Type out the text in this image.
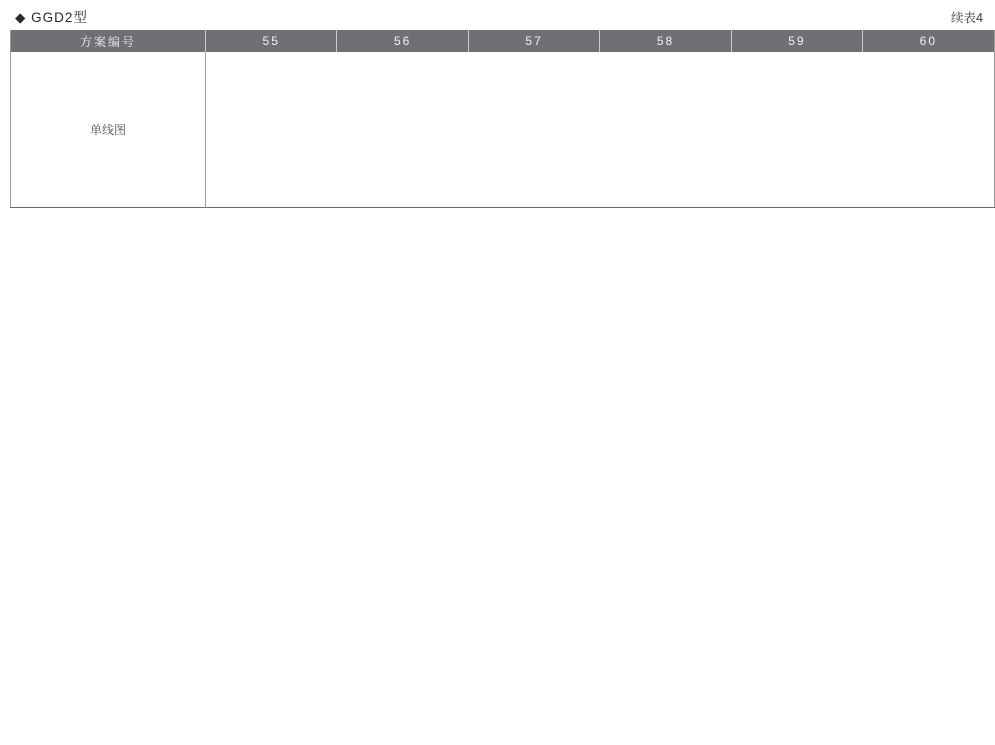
◆ GGD2型	续表4
方案编号	55	56	57	58	59	60
单线图						
